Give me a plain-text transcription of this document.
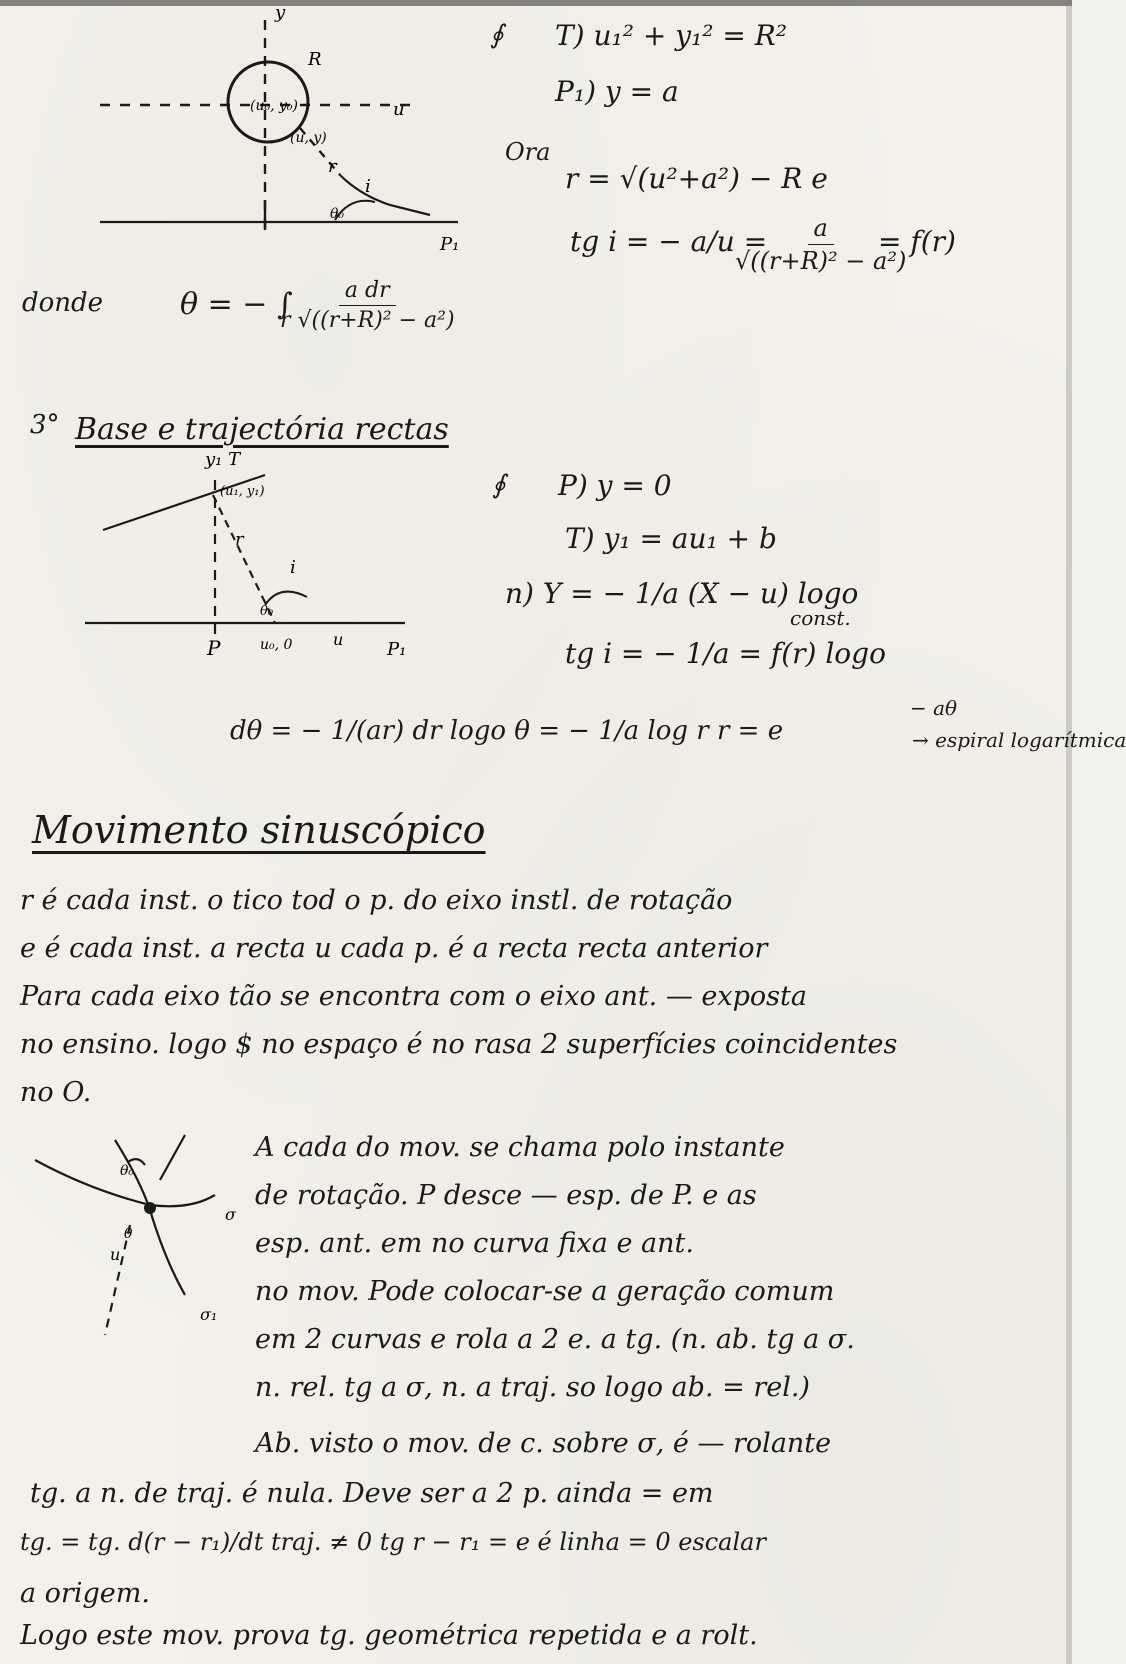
y
R
u
(u₀, y₀)
(u, y)
r
i
θ₀
P₁
∮ T) u₁² + y₁² = R²
P₁) y = a
Ora
r = √(u²+a²) − R e
tg i = − a/u =
$\frac{a}{\text{√((r+R)² − a²)}}$
= f(r)
donde	θ = − ∫
$\frac{\text{a dr}}{\text{r √((r+R)² − a²)}}$
3° Base e trajectória rectas
y₁ T
(u₁, y₁)
r
i
θ₀
P	u₀, 0	u P₁
∮ P) y = 0
T) y₁ = au₁ + b
n) Y = − 1/a (X − u) logo
const.
tg i = − 1/a = f(r) logo
dθ = − 1/(ar) dr logo θ = − 1/a log r r = e
− aθ
→ espiral logarítmica
Movimento sinuscópico
r é cada inst. o tico tod o p. do eixo instl. de rotação
e é cada inst. a recta u cada p. é a recta recta anterior
Para cada eixo tão se encontra com o eixo ant. — exposta
no ensino. logo $ no espaço é no rasa 2 superfícies coincidentes
no O.
θ₀
θ
u
σ
σ₁
A cada do mov. se chama polo instante
de rotação. P desce — esp. de P. e as
esp. ant. em no curva fixa e ant.
no mov. Pode colocar-se a geração comum
em 2 curvas e rola a 2 e. a tg. (n. ab. tg a σ.
n. rel. tg a σ, n. a traj. so logo ab. = rel.)
Ab. visto o mov. de c. sobre σ, é — rolante
tg. a n. de traj. é nula. Deve ser a 2 p. ainda = em
tg. = tg. d(r − r₁)/dt traj. ≠ 0 tg r − r₁ = e é linha = 0 escalar
a origem.
Logo este mov. prova tg. geométrica repetida e a rolt.
